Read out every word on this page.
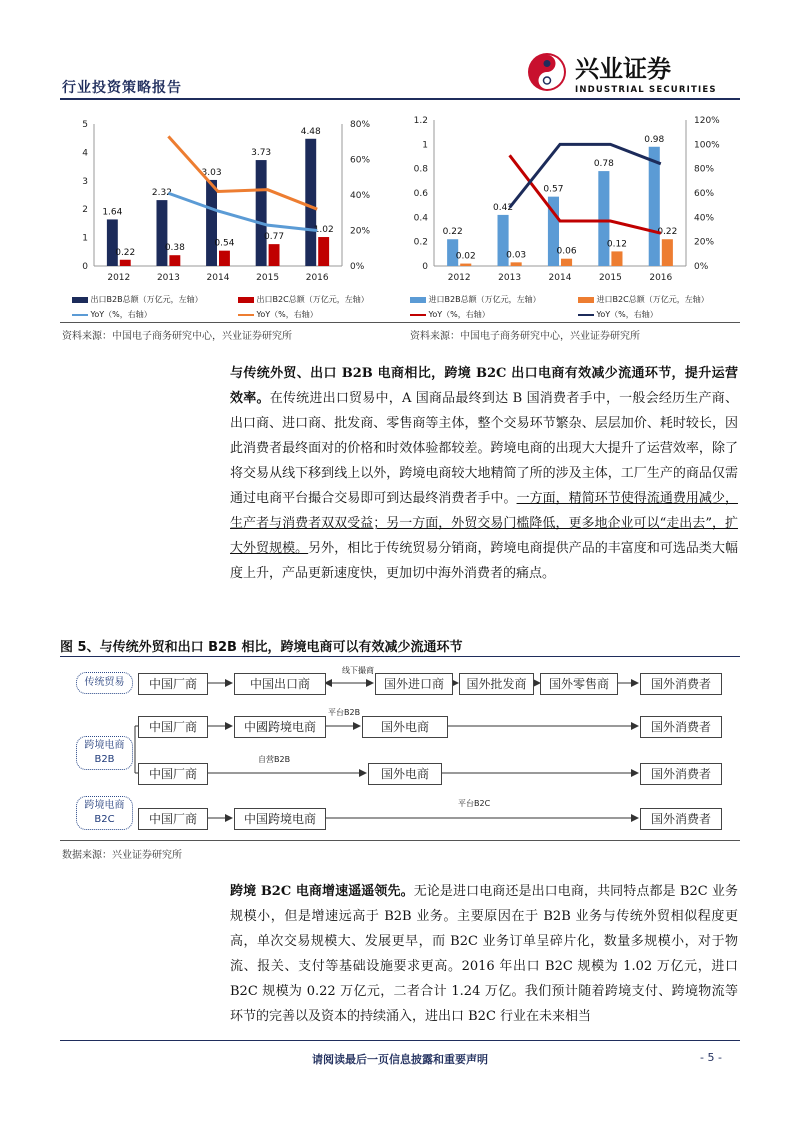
行业投资策略报告
兴业证券
INDUSTRIAL SECURITIES
0
1
2
3
4
5
0%
20%
40%
60%
80%
2012	2013	2014	2015	2016
1.64
2.32
3.03
3.73
4.48
0.22	0.38	0.54
0.77
1.02
0
0.2
0.4
0.6
0.8
1
1.2
0%
20%
40%
60%
80%
100%
120%
2012	2013	2014	2015	2016
0.22
0.42
0.57
0.78
0.98
0.02	0.03	0.06
0.12
0.22
出口B2B总额（万亿元，左轴）	出口B2C总额（万亿元，左轴）
YoY（%，右轴）	YoY（%，右轴）
进口B2B总额（万亿元，左轴）	进口B2C总额（万亿元，左轴）
YoY（%，右轴）	YoY（%，右轴）
资料来源：中国电子商务研究中心，兴业证券研究所	资料来源：中国电子商务研究中心，兴业证券研究所
与传统外贸、出口 B2B 电商相比，跨境 B2C 出口电商有效减少流通环节，提升运营效率。在传统进出口贸易中，A 国商品最终到达 B 国消费者手中，一般会经历生产商、出口商、进口商、批发商、零售商等主体，整个交易环节繁杂、层层加价、耗时较长，因此消费者最终面对的价格和时效体验都较差。跨境电商的出现大大提升了运营效率，除了将交易从线下移到线上以外，跨境电商较大地精简了所的涉及主体，工厂生产的商品仅需通过电商平台撮合交易即可到达最终消费者手中。一方面，精简环节使得流通费用减少，生产者与消费者双双受益；另一方面，外贸交易门槛降低，更多地企业可以“走出去”，扩大外贸规模。另外，相比于传统贸易分销商，跨境电商提供产品的丰富度和可选品类大幅度上升，产品更新速度快，更加切中海外消费者的痛点。
图 5、与传统外贸和出口 B2B 相比，跨境电商可以有效减少流通环节
传统贸易
跨境电商
B2B
跨境电商
B2C
中国厂商	中国出口商	国外进口商	国外批发商	国外零售商	国外消费者
线下撮商
中国厂商	中國跨境电商	国外电商	国外消费者
平台B2B
中国厂商	国外电商	国外消费者
自营B2B
中国厂商	中国跨境电商	国外消费者
平台B2C
数据来源：兴业证券研究所
跨境 B2C 电商增速遥遥领先。无论是进口电商还是出口电商，共同特点都是 B2C 业务规模小，但是增速远高于 B2B 业务。主要原因在于 B2B 业务与传统外贸相似程度更高，单次交易规模大、发展更早，而 B2C 业务订单呈碎片化，数量多规模小，对于物流、报关、支付等基础设施要求更高。2016 年出口 B2C 规模为 1.02 万亿元，进口 B2C 规模为 0.22 万亿元，二者合计 1.24 万亿。我们预计随着跨境支付、跨境物流等环节的完善以及资本的持续涌入，进出口 B2C 行业在未来相当
请阅读最后一页信息披露和重要声明	- 5 -
